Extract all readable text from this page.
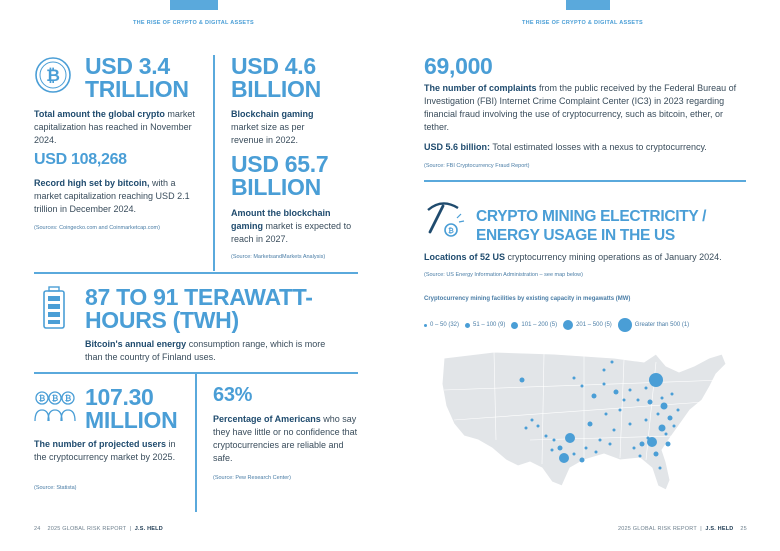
THE RISE OF CRYPTO & DIGITAL ASSETS
₿ USD 3.4
TRILLION
Total amount the global crypto market capitalization has reached in November 2024.
USD 108,268
Record high set by bitcoin, with a market capitalization reaching USD 2.1 trillion in December 2024.
(Sources: Coingecko.com and Coinmarketcap.com)
USD 4.6
BILLION
Blockchain gaming market size as per revenue in 2022.
USD 65.7
BILLION
Amount the blockchain gaming market is expected to reach in 2027.
(Source: MarketsandMarkets Analysis)
87 TO 91 TERAWATT-
HOURS (TWH)
Bitcoin's annual energy consumption range, which is more than the country of Finland uses.
₿ ₿ ₿ 107.30
MILLION
The number of projected users in the cryptocurrency market by 2025.
(Source: Statista)
63%
Percentage of Americans who say they have little or no confidence that cryptocurrencies are reliable and safe.
(Source: Pew Research Center)
24 2025 GLOBAL RISK REPORT  |  J.S. HELD
THE RISE OF CRYPTO & DIGITAL ASSETS
69,000
The number of complaints from the public received by the Federal Bureau of Investigation (FBI) Internet Crime Complaint Center (IC3) in 2023 regarding financial fraud involving the use of cryptocurrency, such as bitcoin, ether, or tether.
USD 5.6 billion: Total estimated losses with a nexus to cryptocurrency.
(Source: FBI Cryptocurrency Fraud Report)
₿
CRYPTO MINING ELECTRICITY /
ENERGY USAGE IN THE US
Locations of 52 US cryptocurrency mining operations as of January 2024.
(Source: US Energy Information Administration – see map below)
Cryptocurrency mining facilities by existing capacity in megawatts (MW)
0 – 50 (32) 51 – 100 (9)	101 – 200 (5)	201 – 500 (5)	Greater than 500 (1)
2025 GLOBAL RISK REPORT  |  J.S. HELD 25
